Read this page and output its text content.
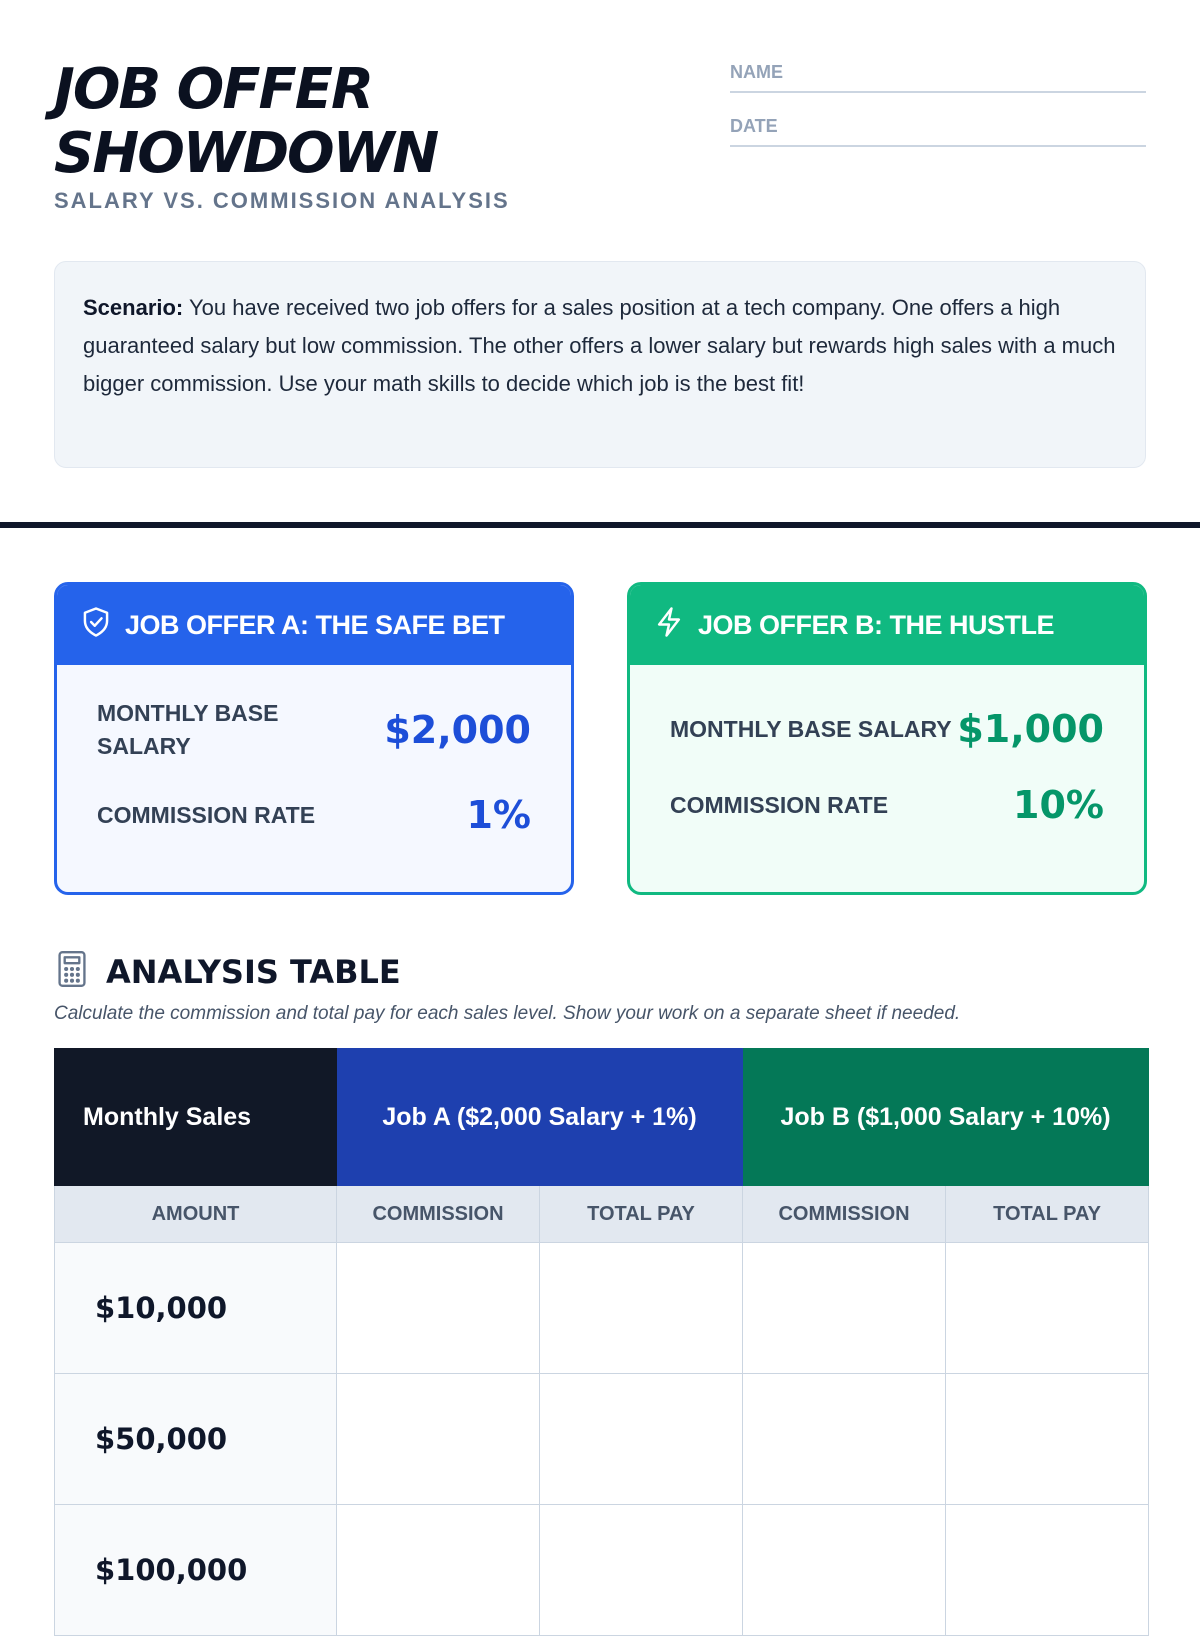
JOB OFFER
SHOWDOWN
SALARY VS. COMMISSION ANALYSIS
NAME
DATE
Scenario: You have received two job offers for a sales position at a tech company. One offers a high guaranteed salary but low commission. The other offers a lower salary but rewards high sales with a much bigger commission. Use your math skills to decide which job is the best fit!
JOB OFFER A: THE SAFE BET
MONTHLY BASE SALARY	$2,000
COMMISSION RATE	1%
JOB OFFER B: THE HUSTLE
MONTHLY BASE SALARY $1,000
COMMISSION RATE	10%
ANALYSIS TABLE
Calculate the commission and total pay for each sales level. Show your work on a separate sheet if needed.
Monthly Sales	Job A ($2,000 Salary + 1%)		Job B ($1,000 Salary + 10%)	
AMOUNT	COMMISSION	TOTAL PAY	COMMISSION	TOTAL PAY
$10,000				
$50,000				
$100,000				
